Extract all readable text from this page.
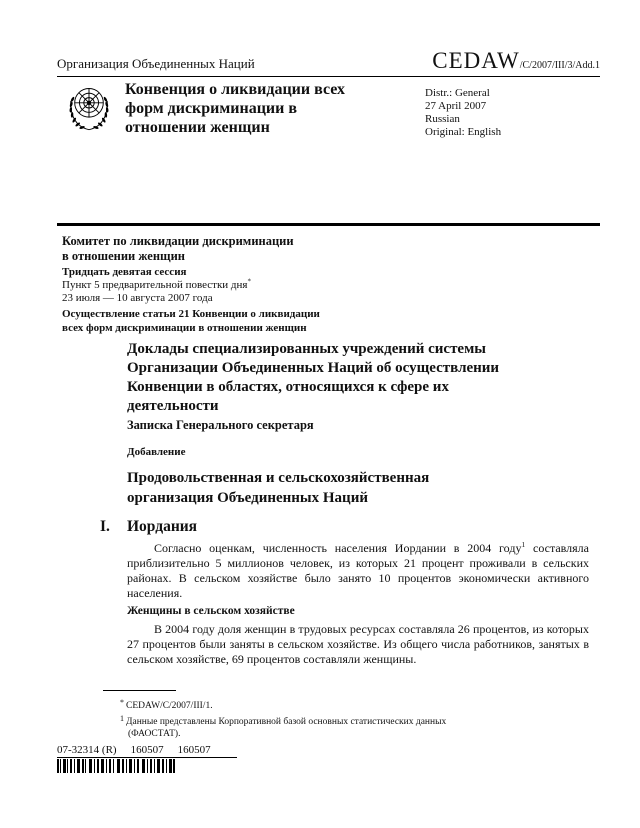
Организация Объединенных Наций	CEDAW/C/2007/III/3/Add.1
Конвенция о ликвидации всех
форм дискриминации в
отношении женщин
Distr.: General
27 April 2007
Russian
Original: English
Комитет по ликвидации дискриминации
в отношении женщин
Тридцать девятая сессия
Пункт 5 предварительной повестки дня*
23 июля — 10 августа 2007 года
Осуществление статьи 21 Конвенции о ликвидации
всех форм дискриминации в отношении женщин
Доклады специализированных учреждений системы
Организации Объединенных Наций об осуществлении
Конвенции в областях, относящихся к сфере их
деятельности
Записка Генерального секретаря
Добавление
Продовольственная и сельскохозяйственная
организация Объединенных Наций
I. Иордания
Согласно оценкам, численность населения Иордании в 2004 году$^1$ составляла приблизительно 5 миллионов человек, из которых 21 процент проживали в сельских районах. В сельском хозяйстве было занято 10 процентов экономически активного населения.
Женщины в сельском хозяйстве
В 2004 году доля женщин в трудовых ресурсах составляла 26 процентов, из которых 27 процентов были заняты в сельском хозяйстве. Из общего числа работников, занятых в сельском хозяйстве, 69 процентов составляли женщины.
* CEDAW/C/2007/III/1.
$^1$ Данные представлены Корпоративной базой основных статистических данных (ФАОСТАТ).
07-32314 (R) 160507 160507
